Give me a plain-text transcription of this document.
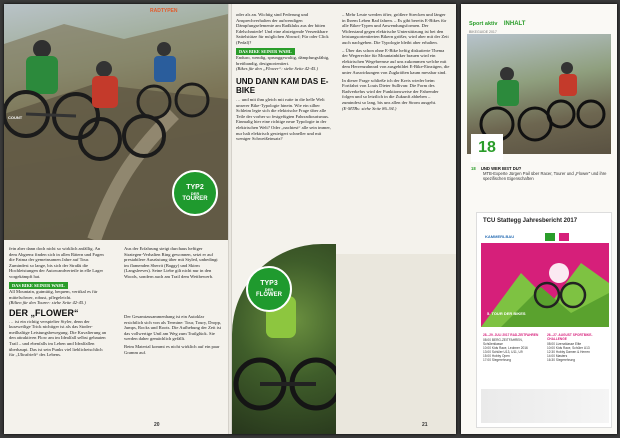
COUNT
RADTYPEN
TYP2
DER
TOURER

fein aber dann doch nicht so wirklich anfällig. An dem Abgrenz finden sich in allen Rätern und Fagen die Fatma der gemeinsamen Jahre auf Tour. Zumindest so lange, bis sich der Straßü die Hochleistungen der Autowandverteile in elle Lager vorgekämpft hat.

DAS BIKE SEINER WAHL

All Mountain, gutmütig, bequem, vertikal es für mittelschwer, robust, pflegeleicht.

(Bilten für den Tourer: siehe Seite 42-45.)

DER „FLOWER“

… ist ein richtig verspielter Styler, denn der kurzweilige Trick nichtiger ist als das Stoder-meilhaltige Leistungsbewegung. Die Kuvalierung an den attraktiven Flow am im Idealfall selbst gebauten Trail – und ebenfalls im Leben und Idealfallen überhaupt. Das ist sein Punks viel lieblicheischlich für „Ultrafrieft“ des Lebens.

Aus der Erfahrung steigt durchaus heftiger Strategen-Verhalten Ring gewonnen, setzt er auf prestabilere Ausrüstung über mit Styled, unbedingt im flamenden Sherrit (Baggy) und Skirm (Langsleeves). Seine Liebe gilt nicht nur in den Woods, sondern auch am Trail dem Wettbewerb.

Der Gesamtzusammenhang ist ein Autoklar ersichtlich sich von als Termine: Tour, Toury, Dropp, Jumps, Rocks und Roots. Die Aufhebung der Zeit ist das vollwertige Untl am Weg zum Trailglück. Sie werden daher gemächlich gefällt.

Beim Material kommt es nicht wirklich auf ein paar Gramm auf.

TYP3
DER
FLOWER

oder als an. Wichtig sind Federung und Ansprechverhalten der aufwendigen Dämpfungselemente am Radkluks aus der bitten Edelschmiede! Und eine absteigende Versenkbare Sattelstütze für möglichen Abwurf; Für oder Click (Pedal)?

DAS BIKE SEINER WAHL

Enduro, wendig, sprunggewaltig, dämpfungsfähig, breitbandig, designorientiert.

(Bikes für den „Flower“: siehe Seite 42-45.)

UND DANN KAM DAS E-BIKE

… und mit ihm gleich mit rutte in die helle Welt unserer Bike-Typologie hinein. Wie ein silber Schleim legte sich die elektrische Frage über alle Teile der vorher so festgefügten Fahrradtourismus. Einmalig hier eine richtige neue Typologie in der elektrischen Welt? Oder „nachtest“ alle sein immer, nur halt elektrisch gesteigert schneller und mit weniger Schweißeinsatz?

– Mehr Leute werden öfter, größere Strecken und länger in Ihrem Leben Rad fahren. – Es gibt bereits E-Bikes für alle Biker-Typen und Anwendungsformen. Der Widerstand gegen elektrische Unterstützung ist bei den leistungsorientierten Bikern größer, wird aber mit der Zeit auch nachgeben. Die Typologie bleibt aber erhalten.

– Über das schon ohne E-Bike heftig diskutierte Thema der Wegerechte für Mountainbiker brauen wird ein elektrischen Wegebremse auf uns zukommen welche mit dem Herrenzahnrad von ausgebildet E-Bike-Einzügen, die unter Auswirkungen von Zugkräften kaum messbar sind.

In dieser Frage schließe ich der Kreis wieder beim Fortfahrt von Louis Dieter Sullivan: Die Form des Radverkehrs wird der Funktionsweise der Fahrender folgen und so letztlich in die Zukunft abheben – zumindest so lang, bis uns allen der Strom ausgeht.

(E-MTBs: siehe Seite 86–94.)

20	21
Sport aktiv INHALT
BIKEGUIDE 2017
18
18 UND WER BIST DU?
MTB-Experte Jürgen Pail über Racer, Tourer und „Flower“ und ihre spezifischen Eigenschaften
TCU Stattegg Jahresbericht 2017
KAMMERLBAU
5. TOUR DER BIKES
28.–29. JULI 2017 RAD-ZEITFAHREN
08:00 BERG-ZEITFAHREN, Schülerklasse
10:00 Kids Race, Leobner 2016
13:00 Schüler U13, U11, U9
15:00 Hobby Open
17:00 Siegerehrung
26.–27. AUGUST SPORTBIKE-CHALLENGE
08:00 Lizenzklasse Elite
10:00 Kids Race, Schüler U13
12:30 Hobby Damen & Herren
14:00 Masters
16:30 Siegerehrung
